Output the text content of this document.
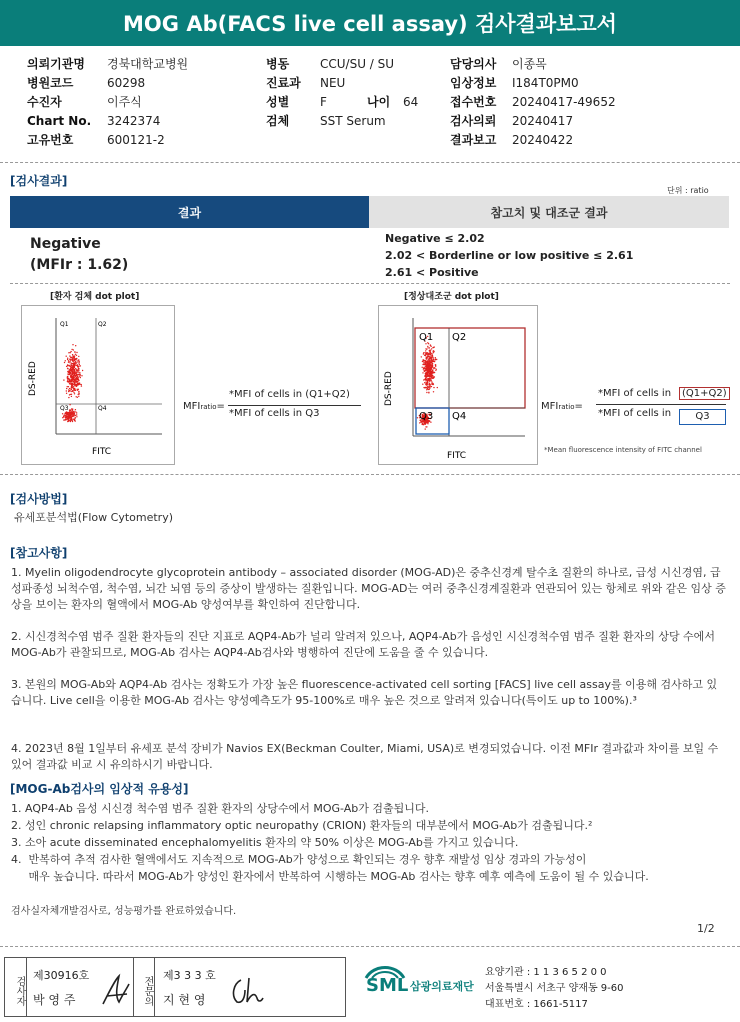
MOG Ab(FACS live cell assay) 검사결과보고서
의뢰기관명	경북대학교병원
병원코드	60298
수진자	이주식
Chart No.	3242374
고유번호	600121-2
병동	CCU/SU / SU
진료과	NEU
성별	F	나이	64
검체	SST Serum
담당의사	이종목
임상정보	I184T0PM0
접수번호	20240417-49652
검사의뢰	20240417
결과보고	20240422
[검사결과]
단위 : ratio
결과	참고치 및 대조군 결과
Negative
(MFIr : 1.62)
Negative ≤ 2.02
2.02 < Borderline or low positive ≤ 2.61
2.61 < Positive
[환자 검체 dot plot]
Q1	Q2
Q3	Q4
DS-RED
FITC
MFIratio=
*MFI of cells in (Q1+Q2)
*MFI of cells in Q3
[정상대조군 dot plot]
Q1 Q2
Q3 Q4
DS-RED
FITC
MFIratio=
*MFI of cells in	(Q1+Q2)
*MFI of cells in	Q3
*Mean fluorescence intensity of FITC channel
[검사방법]
유세포분석법(Flow Cytometry)
[참고사항]
1. Myelin oligodendrocyte glycoprotein antibody – associated disorder (MOG-AD)은 중추신경계 탈수초 질환의 하나로, 급성 시신경염, 급성파종성 뇌척수염, 척수염, 뇌간 뇌염 등의 증상이 발생하는 질환입니다. MOG-AD는 여러 중추신경계질환과 연관되어 있는 항체로 위와 같은 임상 증상을 보이는 환자의 혈액에서 MOG-Ab 양성여부를 확인하여 진단합니다.
2. 시신경척수염 범주 질환 환자들의 진단 지표로 AQP4-Ab가 널리 알려져 있으나, AQP4-Ab가 음성인 시신경척수염 범주 질환 환자의 상당 수에서 MOG-Ab가 관찰되므로, MOG-Ab 검사는 AQP4-Ab검사와 병행하여 진단에 도움을 줄 수 있습니다.
3. 본원의 MOG-Ab와 AQP4-Ab 검사는 정확도가 가장 높은 fluorescence-activated cell sorting [FACS] live cell assay를 이용해 검사하고 있습니다. Live cell을 이용한 MOG-Ab 검사는 양성예측도가 95-100%로 매우 높은 것으로 알려져 있습니다(특이도 up to 100%).³
4. 2023년 8월 1일부터 유세포 분석 장비가 Navios EX(Beckman Coulter, Miami, USA)로 변경되었습니다. 이전 MFIr 결과값과 차이를 보일 수 있어 결과값 비교 시 유의하시기 바랍니다.
[MOG-Ab검사의 임상적 유용성]
1. AQP4-Ab 음성 시신경 척수염 범주 질환 환자의 상당수에서 MOG-Ab가 검출됩니다.
2. 성인 chronic relapsing inflammatory optic neuropathy (CRION) 환자들의 대부분에서 MOG-Ab가 검출됩니다.²
3. 소아 acute disseminated encephalomyelitis 환자의 약 50% 이상은 MOG-Ab를 가지고 있습니다.
4.  반복하여 추적 검사한 혈액에서도 지속적으로 MOG-Ab가 양성으로 확인되는 경우 향후 재발성 임상 경과의 가능성이
매우 높습니다. 따라서 MOG-Ab가 양성인 환자에서 반복하여 시행하는 MOG-Ab 검사는 향후 예후 예측에 도움이 될 수 있습니다.
검사실자체개발검사로, 성능평가를 완료하였습니다.
1/2
검사자 제30916호
박 영 주	전문의 제3 3 3 호
지 현 영
SML 삼광의료재단
요양기관 : 1 1 3 6 5 2 0 0
서울특별시 서초구 양재동 9-60
대표번호 : 1661-5117
